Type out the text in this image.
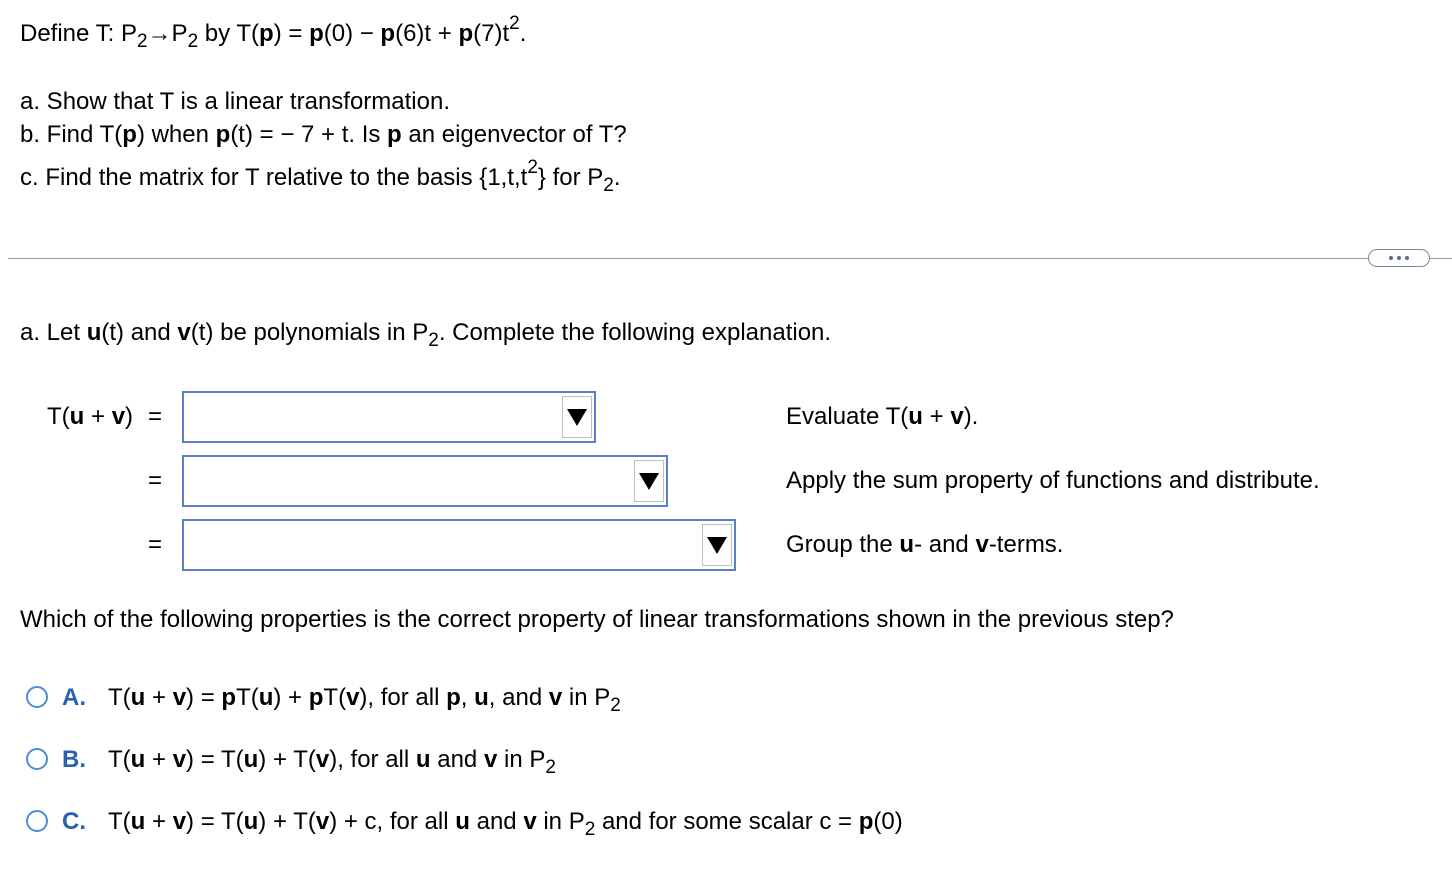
Define T: $P_2\to P_2$ by $T(p) = p(0) - p(6)t + p(7)t^2$.
a. Show that T is a linear transformation.
b. Find T(p) when p(t) = − 7 + t. Is p an eigenvector of T?
c. Find the matrix for T relative to the basis $\{1,t,t^2\}$ for $P_2$.
a. Let u(t) and v(t) be polynomials in $P_2$. Complete the following explanation.
T(u + v) =	Evaluate T(u + v).
=	Apply the sum property of functions and distribute.
=	Group the u- and v-terms.
Which of the following properties is the correct property of linear transformations shown in the previous step?
A. T(u + v) = pT(u) + pT(v), for all p, u, and v in $P_2$
B. T(u + v) = T(u) + T(v), for all u and v in $P_2$
C. T(u + v) = T(u) + T(v) + c, for all u and v in $P_2$ and for some scalar c = p(0)
